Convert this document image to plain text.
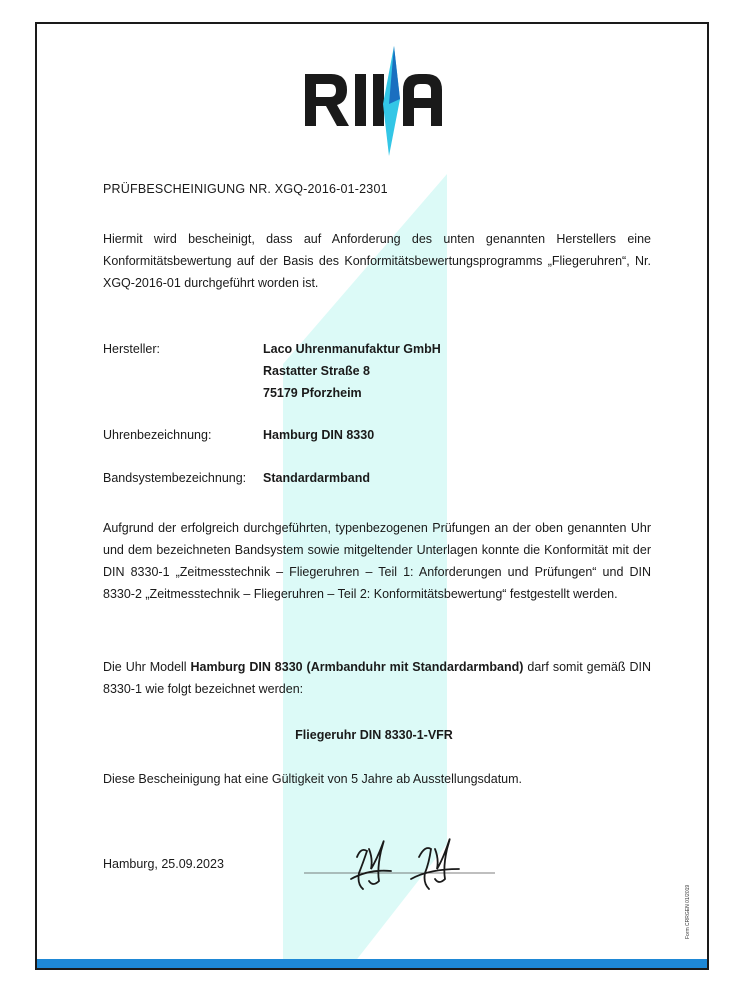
RINA
PRÜFBESCHEINIGUNG NR. XGQ-2016-01-2301
Hiermit wird bescheinigt, dass auf Anforderung des unten genannten Herstellers eine Konformitätsbewertung auf der Basis des Konformitätsbewertungsprogramms „Fliegeruhren“, Nr. XGQ-2016-01 durchgeführt worden ist.
Hersteller:	Laco Uhrenmanufaktur GmbH
Rastatter Straße 8
75179 Pforzheim
Uhrenbezeichnung:	Hamburg DIN 8330
Bandsystembezeichnung: Standardarmband
Aufgrund der erfolgreich durchgeführten, typenbezogenen Prüfungen an der oben genannten Uhr und dem bezeichneten Bandsystem sowie mitgeltender Unterlagen konnte die Konformität mit der DIN 8330-1 „Zeitmesstechnik – Fliegeruhren – Teil 1: Anforderungen und Prüfungen“ und DIN 8330-2 „Zeitmesstechnik – Fliegeruhren – Teil 2: Konformitätsbewertung“ festgestellt werden.
Die Uhr Modell Hamburg DIN 8330 (Armbanduhr mit Standardarmband) darf somit gemäß DIN 8330-1 wie folgt bezeichnet werden:
Fliegeruhr DIN 8330-1-VFR
Diese Bescheinigung hat eine Gültigkeit von 5 Jahre ab Ausstellungsdatum.
Hamburg, 25.09.2023
Form CRRGEN 01/2019
